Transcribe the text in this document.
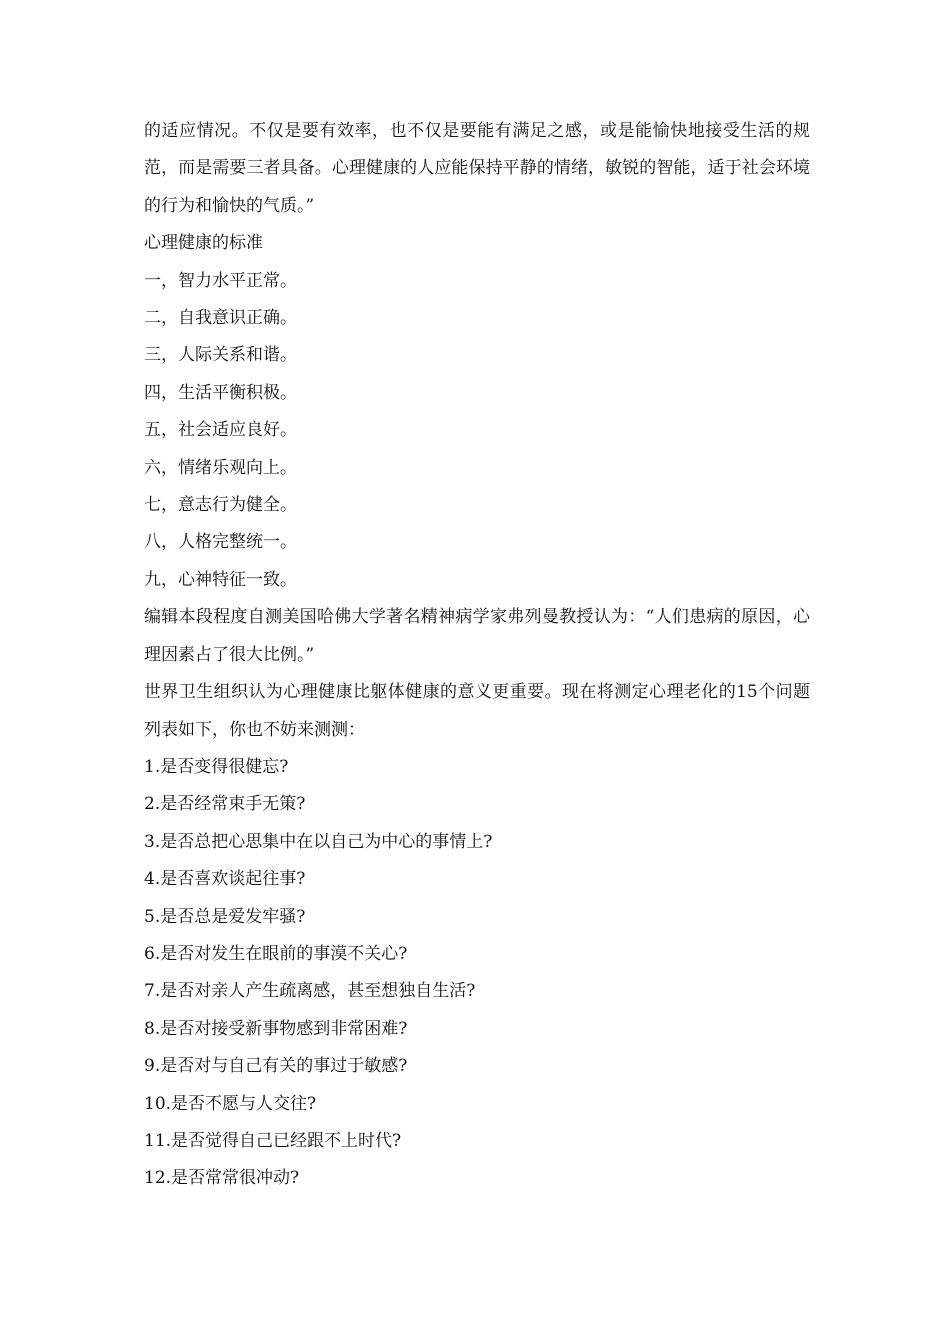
的适应情况。不仅是要有效率，也不仅是要能有满足之感，或是能愉快地接受生活的规范，而是需要三者具备。心理健康的人应能保持平静的情绪，敏锐的智能，适于社会环境的行为和愉快的气质。”

心理健康的标准

一，智力水平正常。

二，自我意识正确。

三，人际关系和谐。

四，生活平衡积极。

五，社会适应良好。

六，情绪乐观向上。

七，意志行为健全。

八，人格完整统一。

九，心神特征一致。

编辑本段程度自测美国哈佛大学著名精神病学家弗列曼教授认为：“人们患病的原因，心理因素占了很大比例。”

世界卫生组织认为心理健康比躯体健康的意义更重要。现在将测定心理老化的15个问题列表如下，你也不妨来测测：

1.是否变得很健忘?

2.是否经常束手无策?

3.是否总把心思集中在以自己为中心的事情上?

4.是否喜欢谈起往事?

5.是否总是爱发牢骚?

6.是否对发生在眼前的事漠不关心?

7.是否对亲人产生疏离感，甚至想独自生活?

8.是否对接受新事物感到非常困难?

9.是否对与自己有关的事过于敏感?

10.是否不愿与人交往?

11.是否觉得自己已经跟不上时代?

12.是否常常很冲动?
